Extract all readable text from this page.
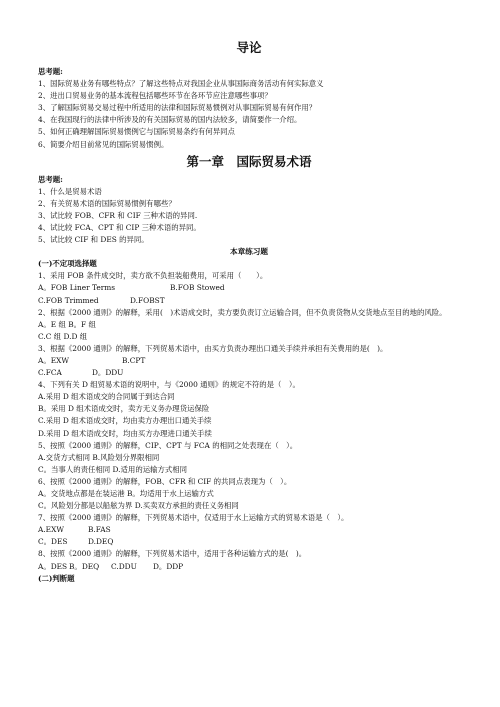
导论
思考题:
1、国际贸易业务有哪些特点？了解这些特点对我国企业从事国际商务活动有何实际意义
2、进出口贸易业务的基本流程包括哪些环节在各环节应注意哪些事项？
3、了解国际贸易交易过程中所适用的法律和国际贸易惯例对从事国际贸易有何作用？
4、在我国现行的法律中所涉及的有关国际贸易的国内法较多，请简要作一介绍。
5、如何正确理解国际贸易惯例它与国际贸易条约有何异同点
6、简要介绍目前常见的国际贸易惯例。
第一章　国际贸易术语
思考题:
1、什么是贸易术语
2、有关贸易术语的国际贸易惯例有哪些？
3、试比较 FOB、CFR 和 CIF 三种术语的异同.
4、试比较 FCA、CPT 和 CIP 三种术语的异同。
5、试比较 CIF 和 DES 的异同。
本章练习题
(一)不定项选择题
1、采用 FOB 条件成交时，卖方欲不负担装船费用，可采用（　　）。
A。FOB Liner Terms	B.FOB Stowed
C.FOB Trimmed	D.FOBST
2、根据《2000 通则》的解释，采用(　)术语成交时，卖方要负责订立运输合同，但不负责货物从交货地点至目的地的风险。
A。E 组 B。F 组
C.C 组 D.D 组
3、根据《2000 通则》的解释，下列贸易术语中，由买方负责办理出口通关手续并承担有关费用的是(　)。
A。EXW	B.CPT
C.FCA	D。DDU
4、下列有关 D 组贸易术语的说明中，与《2000 通则》的规定不符的是（　）。
A.采用 D 组术语成交的合同属于到达合同
B。采用 D 组术语成交时，卖方无义务办理货运保险
C.采用 D 组术语成交时，均由卖方办理出口通关手续
D.采用 D 组术语成交时，均由买方办理进口通关手续
5、按照《2000 通则》的解释，CIP、CPT 与 FCA 的相同之处表现在（　）。
A.交货方式相同 B.风险划分界限相同
C。当事人的责任相同 D.适用的运输方式相同
6、按照《2000 通则》的解释，FOB、CFR 和 CIF 的共同点表现为（　）。
A。交货地点都是在装运港 B。均适用于水上运输方式
C。风险划分都是以船舷为界 D.买卖双方承担的责任义务相同
7、按照《2000 通则》的解释，下列贸易术语中，仅适用于水上运输方式的贸易术语是（　）。
A.EXW	B.FAS
C。DES	D.DEQ
8、按照《2000 通则》的解释，下列贸易术语中，适用于各种运输方式的是(　)。
A。DES B。DEQ C.DDU D。DDP
(二)判断题
